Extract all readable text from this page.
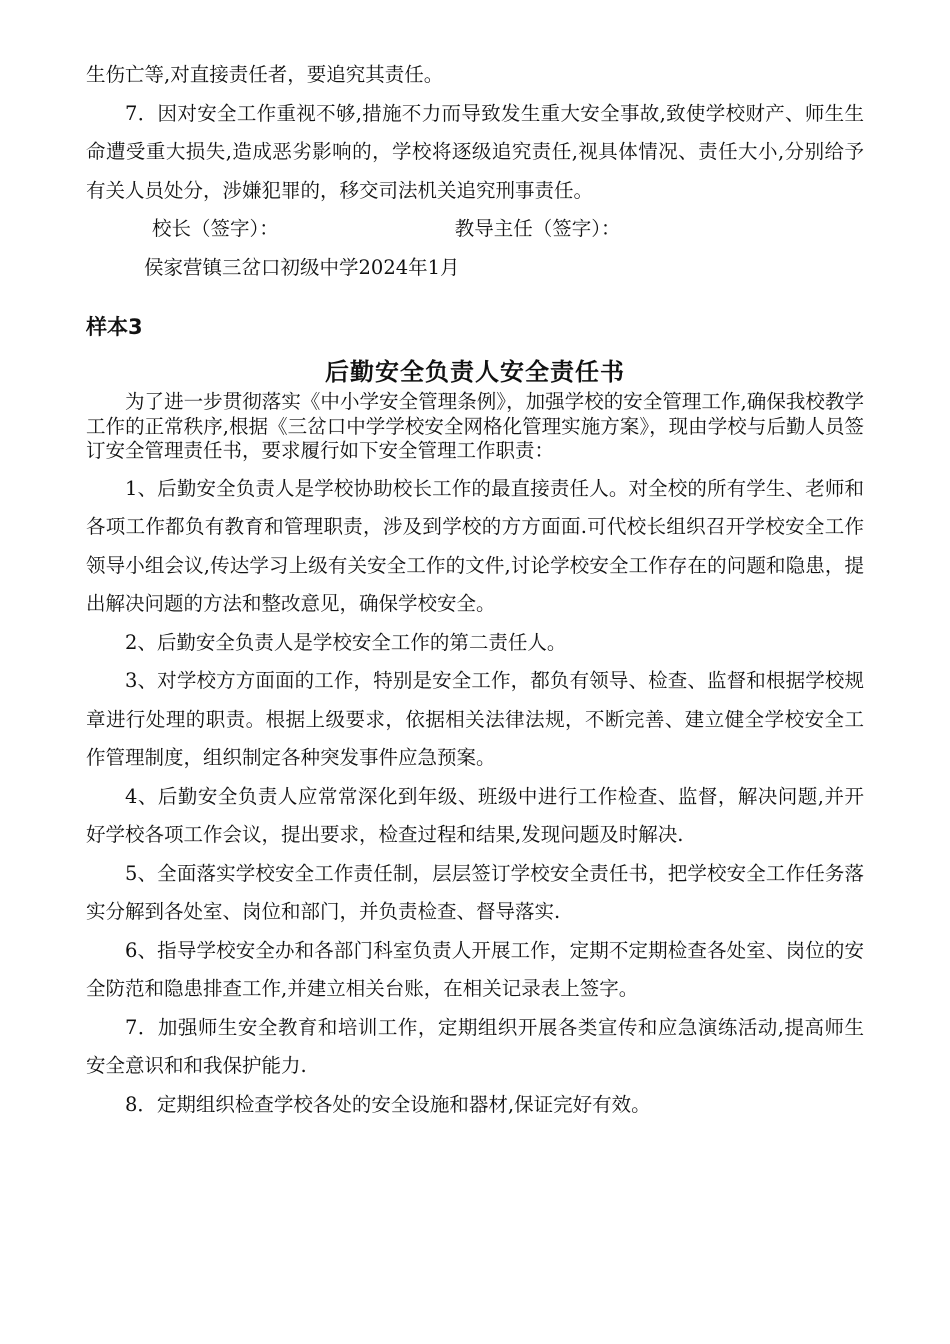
生伤亡等,对直接责任者，要追究其责任。

7．因对安全工作重视不够,措施不力而导致发生重大安全事故,致使学校财产、师生生命遭受重大损失,造成恶劣影响的，学校将逐级追究责任,视具体情况、责任大小,分别给予有关人员处分，涉嫌犯罪的，移交司法机关追究刑事责任。

校长（签字）：	教导主任（签字）：

侯家营镇三岔口初级中学2024年1月

样本3

后勤安全负责人安全责任书

为了进一步贯彻落实《中小学安全管理条例》，加强学校的安全管理工作,确保我校教学工作的正常秩序,根据《三岔口中学学校安全网格化管理实施方案》，现由学校与后勤人员签订安全管理责任书，要求履行如下安全管理工作职责：

1、后勤安全负责人是学校协助校长工作的最直接责任人。对全校的所有学生、老师和各项工作都负有教育和管理职责，涉及到学校的方方面面.可代校长组织召开学校安全工作领导小组会议,传达学习上级有关安全工作的文件,讨论学校安全工作存在的问题和隐患，提出解决问题的方法和整改意见，确保学校安全。

2、后勤安全负责人是学校安全工作的第二责任人。

3、对学校方方面面的工作，特别是安全工作，都负有领导、检查、监督和根据学校规章进行处理的职责。根据上级要求，依据相关法律法规，不断完善、建立健全学校安全工作管理制度，组织制定各种突发事件应急预案。

4、后勤安全负责人应常常深化到年级、班级中进行工作检查、监督，解决问题,并开好学校各项工作会议，提出要求，检查过程和结果,发现问题及时解决.

5、全面落实学校安全工作责任制，层层签订学校安全责任书，把学校安全工作任务落实分解到各处室、岗位和部门，并负责检查、督导落实.

6、指导学校安全办和各部门科室负责人开展工作，定期不定期检查各处室、岗位的安全防范和隐患排查工作,并建立相关台账，在相关记录表上签字。

7．加强师生安全教育和培训工作，定期组织开展各类宣传和应急演练活动,提高师生安全意识和和我保护能力.

8．定期组织检查学校各处的安全设施和器材,保证完好有效。
